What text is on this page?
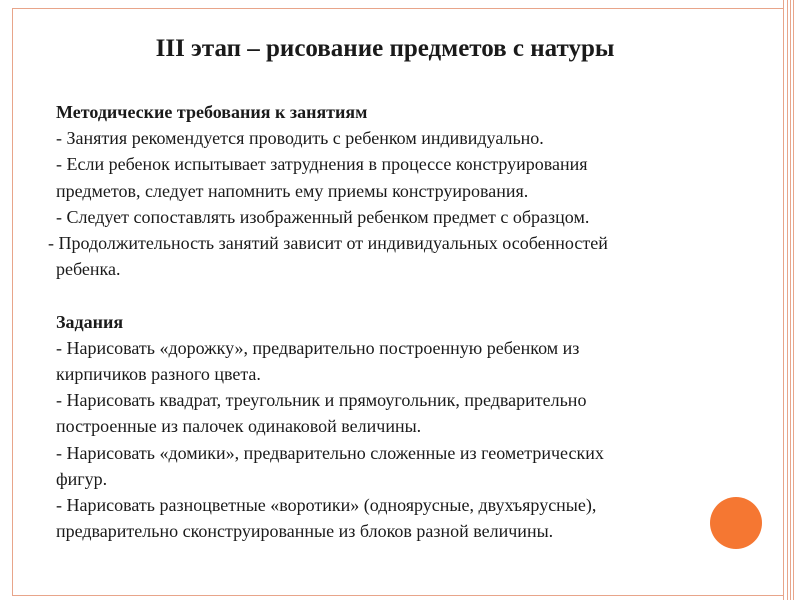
III этап – рисование предметов с натуры
Методические требования к занятиям
- Занятия рекомендуется проводить с ребенком индивидуально.
- Если ребенок испытывает затруднения в процессе конструирования
предметов, следует напомнить ему приемы конструирования.
- Следует сопоставлять изображенный ребенком предмет с образцом.
- Продолжительность занятий зависит от индивидуальных особенностей
ребенка.
Задания
- Нарисовать «дорожку», предварительно построенную ребенком из
кирпичиков разного цвета.
- Нарисовать квадрат, треугольник и прямоугольник, предварительно
построенные из палочек одинаковой величины.
- Нарисовать «домики», предварительно сложенные из геометрических
фигур.
- Нарисовать разноцветные «воротики» (одноярусные, двухъярусные),
предварительно сконструированные из блоков разной величины.
